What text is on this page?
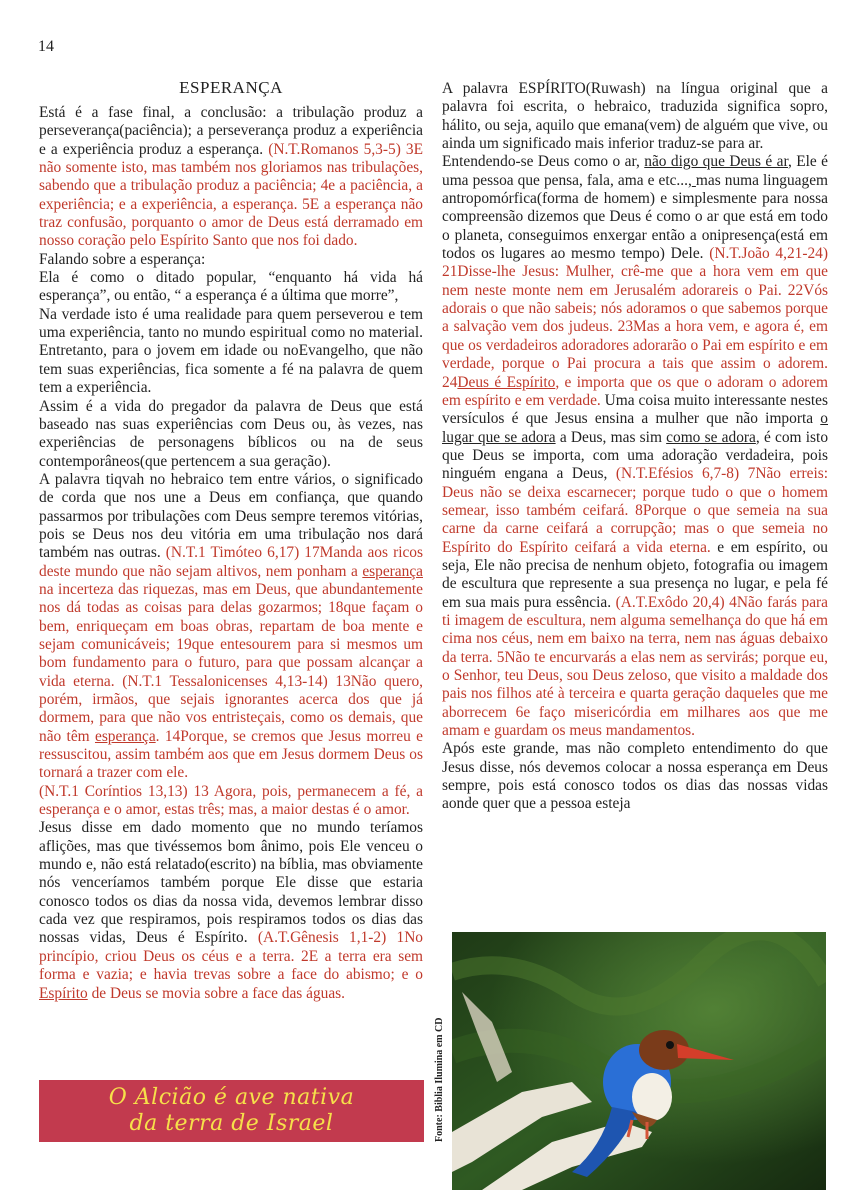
14
ESPERANÇA

Está é a fase final, a conclusão: a tribulação produz a perseverança(paciência); a perseverança produz a experiência e a experiência produz a esperança. (N.T.Romanos 5,3-5) 3E não somente isto, mas também nos gloriamos nas tribulações, sabendo que a tribulação produz a paciência; 4e a paciência, a experiência; e a experiência, a esperança. 5E a esperança não traz confusão, porquanto o amor de Deus está derramado em nosso coração pelo Espírito Santo que nos foi dado.

Falando sobre a esperança:

Ela é como o ditado popular, “enquanto há vida há esperança”, ou então, “ a esperança é a última que morre”,

Na verdade isto é uma realidade para quem perseverou e tem uma experiência, tanto no mundo espiritual como no material. Entretanto, para o jovem em idade ou noEvangelho, que não tem suas experiências, fica somente a fé na palavra de quem tem a experiência.

Assim é a vida do pregador da palavra de Deus que está baseado nas suas experiências com Deus ou, às vezes, nas experiências de personagens bíblicos ou na de seus contemporâneos(que pertencem a sua geração).

A palavra tiqvah no hebraico tem entre vários, o significado de corda que nos une a Deus em confiança, que quando passarmos por tribulações com Deus sempre teremos vitórias, pois se Deus nos deu vitória em uma tribulação nos dará também nas outras. (N.T.1 Timóteo 6,17) 17Manda aos ricos deste mundo que não sejam altivos, nem ponham a esperança na incerteza das riquezas, mas em Deus, que abundantemente nos dá todas as coisas para delas gozarmos; 18que façam o bem, enriqueçam em boas obras, repartam de boa mente e sejam comunicáveis; 19que entesourem para si mesmos um bom fundamento para o futuro, para que possam alcançar a vida eterna. (N.T.1 Tessalonicenses 4,13-14) 13Não quero, porém, irmãos, que sejais ignorantes acerca dos que já dormem, para que não vos entristeçais, como os demais, que não têm esperança. 14Porque, se cremos que Jesus morreu e ressuscitou, assim também aos que em Jesus dormem Deus os tornará a trazer com ele.

(N.T.1 Coríntios 13,13) 13 Agora, pois, permanecem a fé, a esperança e o amor, estas três; mas, a maior destas é o amor.

Jesus disse em dado momento que no mundo teríamos aflições, mas que tivéssemos bom ânimo, pois Ele venceu o mundo e, não está relatado(escrito) na bíblia, mas obviamente nós venceríamos também porque Ele disse que estaria conosco todos os dias da nossa vida, devemos lembrar disso cada vez que respiramos, pois respiramos todos os dias das nossas vidas, Deus é Espírito. (A.T.Gênesis 1,1-2) 1No princípio, criou Deus os céus e a terra. 2E a terra era sem forma e vazia; e havia trevas sobre a face do abismo; e o Espírito de Deus se movia sobre a face das águas.

A palavra ESPÍRITO(Ruwash) na língua original que a palavra foi escrita, o hebraico, traduzida significa sopro, hálito, ou seja, aquilo que emana(vem) de alguém que vive, ou ainda um significado mais inferior traduz-se para ar.

Entendendo-se Deus como o ar, não digo que Deus é ar, Ele é uma pessoa que pensa, fala, ama e etc..., mas numa linguagem antropomórfica(forma de homem) e simplesmente para nossa compreensão dizemos que Deus é como o ar que está em todo o planeta, conseguimos enxergar então a onipresença(está em todos os lugares ao mesmo tempo) Dele. (N.T.João 4,21-24) 21Disse-lhe Jesus: Mulher, crê-me que a hora vem em que nem neste monte nem em Jerusalém adorareis o Pai. 22Vós adorais o que não sabeis; nós adoramos o que sabemos porque a salvação vem dos judeus. 23Mas a hora vem, e agora é, em que os verdadeiros adoradores adorarão o Pai em espírito e em verdade, porque o Pai procura a tais que assim o adorem. 24Deus é Espírito, e importa que os que o adoram o adorem em espírito e em verdade. Uma coisa muito interessante nestes versículos é que Jesus ensina a mulher que não importa o lugar que se adora a Deus, mas sim como se adora, é com isto que Deus se importa, com uma adoração verdadeira, pois ninguém engana a Deus, (N.T.Efésios 6,7-8) 7Não erreis: Deus não se deixa escarnecer; porque tudo o que o homem semear, isso também ceifará. 8Porque o que semeia na sua carne da carne ceifará a corrupção; mas o que semeia no Espírito do Espírito ceifará a vida eterna. e em espírito, ou seja, Ele não precisa de nenhum objeto, fotografia ou imagem de escultura que represente a sua presença no lugar, e pela fé em sua mais pura essência. (A.T.Exôdo 20,4) 4Não farás para ti imagem de escultura, nem alguma semelhança do que há em cima nos céus, nem em baixo na terra, nem nas águas debaixo da terra. 5Não te encurvarás a elas nem as servirás; porque eu, o Senhor, teu Deus, sou Deus zeloso, que visito a maldade dos pais nos filhos até à terceira e quarta geração daqueles que me aborrecem 6e faço misericórdia em milhares aos que me amam e guardam os meus mandamentos.

Após este grande, mas não completo entendimento do que Jesus disse, nós devemos colocar a nossa esperança em Deus sempre, pois está conosco todos os dias das nossas vidas aonde quer que a pessoa esteja

O Alcião é ave nativa
da terra de Israel	Fonte: Biblia Ilumina em CD
